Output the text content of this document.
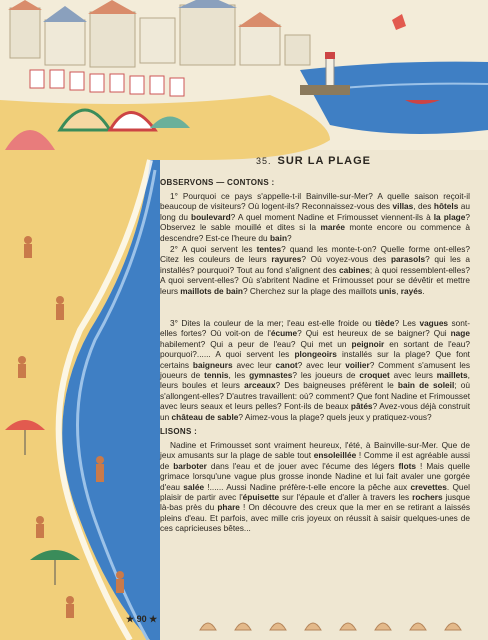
35. SUR LA PLAGE
OBSERVONS — CONTONS :

1° Pourquoi ce pays s'appelle-t-il Bainville-sur-Mer? A quelle saison reçoit-il beaucoup de visiteurs? Où logent-ils? Reconnaissez-vous des villas, des hôtels au long du boulevard? A quel moment Nadine et Frimousset viennent-ils à la plage? Observez le sable mouillé et dites si la marée monte encore ou commence à descendre? Est-ce l'heure du bain?

2° A quoi servent les tentes? quand les monte-t-on? Quelle forme ont-elles? Citez les couleurs de leurs rayures? Où voyez-vous des parasols? qui les a installés? pourquoi? Tout au fond s'alignent des cabines; à quoi ressemblent-elles? A quoi servent-elles? Où s'abritent Nadine et Frimousset pour se dévêtir et mettre leurs maillots de bain? Cherchez sur la plage des maillots unis, rayés.

3° Dites la couleur de la mer; l'eau est-elle froide ou tiède? Les vagues sont-elles fortes? Où voit-on de l'écume? Qui est heureux de se baigner? Qui nage habilement? Qui a peur de l'eau? Qui met un peignoir en sortant de l'eau? pourquoi?...... A quoi servent les plongeoirs installés sur la plage? Que font certains baigneurs avec leur canot? avec leur voilier? Comment s'amusent les joueurs de tennis, les gymnastes? les joueurs de croquet avec leurs maillets, leurs boules et leurs arceaux? Des baigneuses préfèrent le bain de soleil; où s'allongent-elles? D'autres travaillent: où? comment? Que font Nadine et Frimousset avec leurs seaux et leurs pelles? Font-ils de beaux pâtés? Avez-vous déjà construit un château de sable? Aimez-vous la plage? quels jeux y pratiquez-vous?

LISONS :

Nadine et Frimousset sont vraiment heureux, l'été, à Bainville-sur-Mer. Que de jeux amusants sur la plage de sable tout ensoleillée ! Comme il est agréable aussi de barboter dans l'eau et de jouer avec l'écume des légers flots ! Mais quelle grimace lorsqu'une vague plus grosse inonde Nadine et lui fait avaler une gorgée d'eau salée !...... Aussi Nadine préfère-t-elle encore la pêche aux crevettes. Quel plaisir de partir avec l'épuisette sur l'épaule et d'aller à travers les rochers jusque là-bas près du phare ! On découvre des creux que la mer en se retirant a laissés pleins d'eau. Et parfois, avec mille cris joyeux on réussit à saisir quelques-unes de ces capricieuses bêtes...

★ 90 ★
